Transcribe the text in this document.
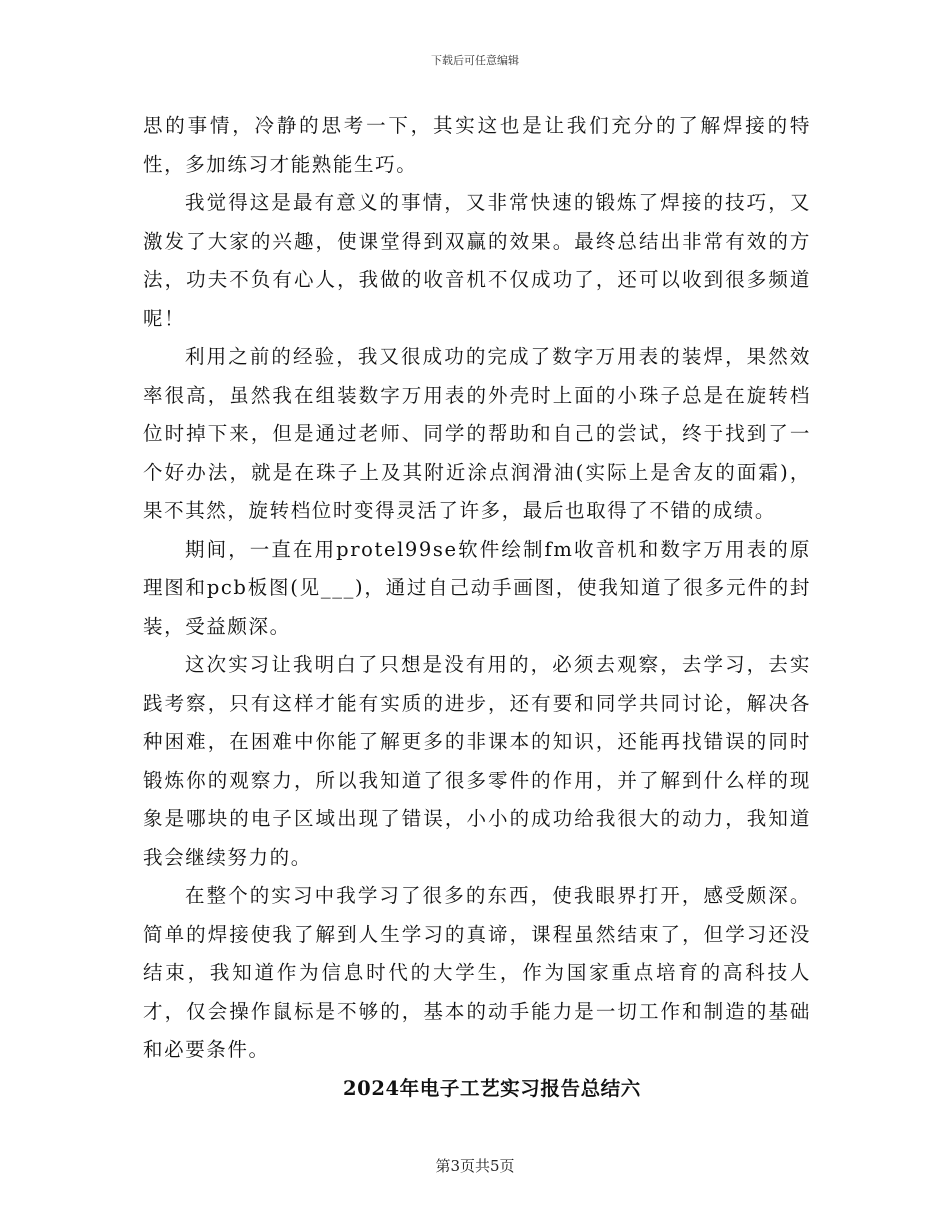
下载后可任意编辑

思的事情，冷静的思考一下，其实这也是让我们充分的了解焊接的特性，多加练习才能熟能生巧。

我觉得这是最有意义的事情，又非常快速的锻炼了焊接的技巧，又激发了大家的兴趣，使课堂得到双赢的效果。最终总结出非常有效的方法，功夫不负有心人，我做的收音机不仅成功了，还可以收到很多频道呢！

利用之前的经验，我又很成功的完成了数字万用表的装焊，果然效率很高，虽然我在组装数字万用表的外壳时上面的小珠子总是在旋转档位时掉下来，但是通过老师、同学的帮助和自己的尝试，终于找到了一个好办法，就是在珠子上及其附近涂点润滑油(实际上是舍友的面霜)，果不其然，旋转档位时变得灵活了许多，最后也取得了不错的成绩。

期间，一直在用protel99se软件绘制fm收音机和数字万用表的原理图和pcb板图(见___)，通过自己动手画图，使我知道了很多元件的封装，受益颇深。

这次实习让我明白了只想是没有用的，必须去观察，去学习，去实践考察，只有这样才能有实质的进步，还有要和同学共同讨论，解决各种困难，在困难中你能了解更多的非课本的知识，还能再找错误的同时锻炼你的观察力，所以我知道了很多零件的作用，并了解到什么样的现象是哪块的电子区域出现了错误，小小的成功给我很大的动力，我知道我会继续努力的。

在整个的实习中我学习了很多的东西，使我眼界打开，感受颇深。简单的焊接使我了解到人生学习的真谛，课程虽然结束了，但学习还没结束，我知道作为信息时代的大学生，作为国家重点培育的高科技人才，仅会操作鼠标是不够的，基本的动手能力是一切工作和制造的基础和必要条件。

2024年电子工艺实习报告总结六

第3页共5页
